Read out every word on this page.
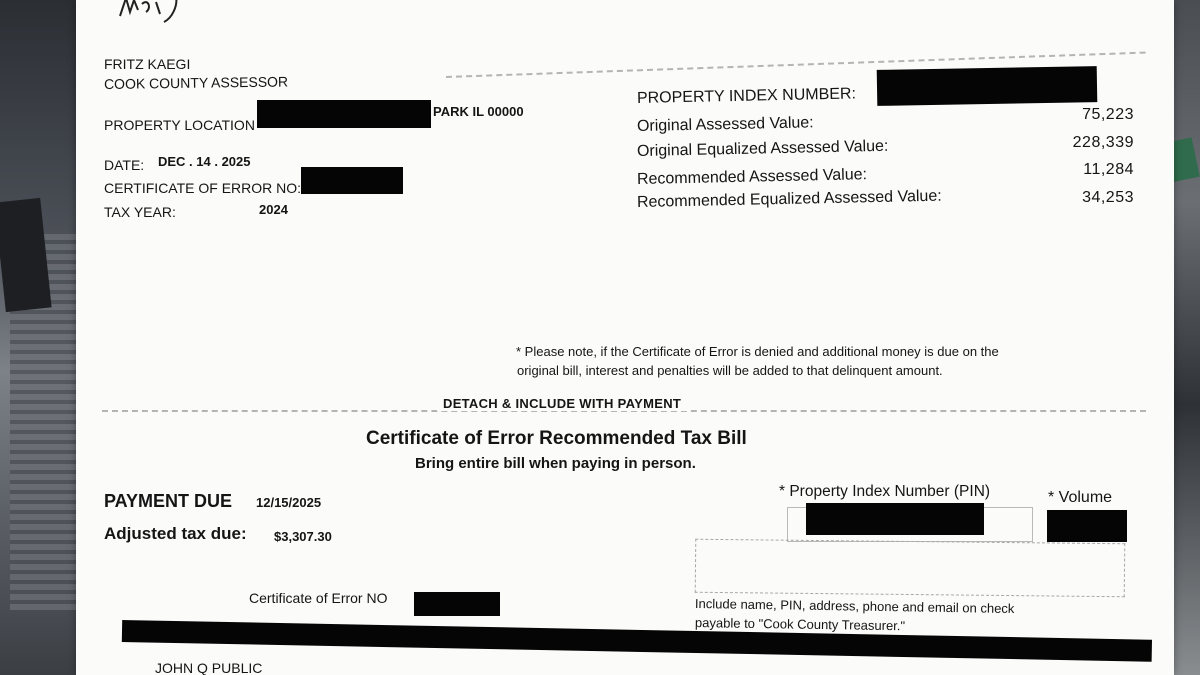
FRITZ KAEGI
COOK COUNTY ASSESSOR
PROPERTY LOCATION
PARK IL 00000
DATE: DEC . 14 . 2025
CERTIFICATE OF ERROR NO:
TAX YEAR:	2024
PROPERTY INDEX NUMBER:
Original Assessed Value:	75,223
Original Equalized Assessed Value:	228,339
Recommended Assessed Value:	11,284
Recommended Equalized Assessed Value:	34,253
* Please note, if the Certificate of Error is denied and additional money is due on the
original bill, interest and penalties will be added to that delinquent amount.
DETACH & INCLUDE WITH PAYMENT
Certificate of Error Recommended Tax Bill
Bring entire bill when paying in person.
PAYMENT DUE 12/15/2025
Adjusted tax due: $3,307.30
* Property Index Number (PIN)	* Volume
Certificate of Error NO	Include name, PIN, address, phone and email on check
payable to "Cook County Treasurer."
JOHN Q PUBLIC
